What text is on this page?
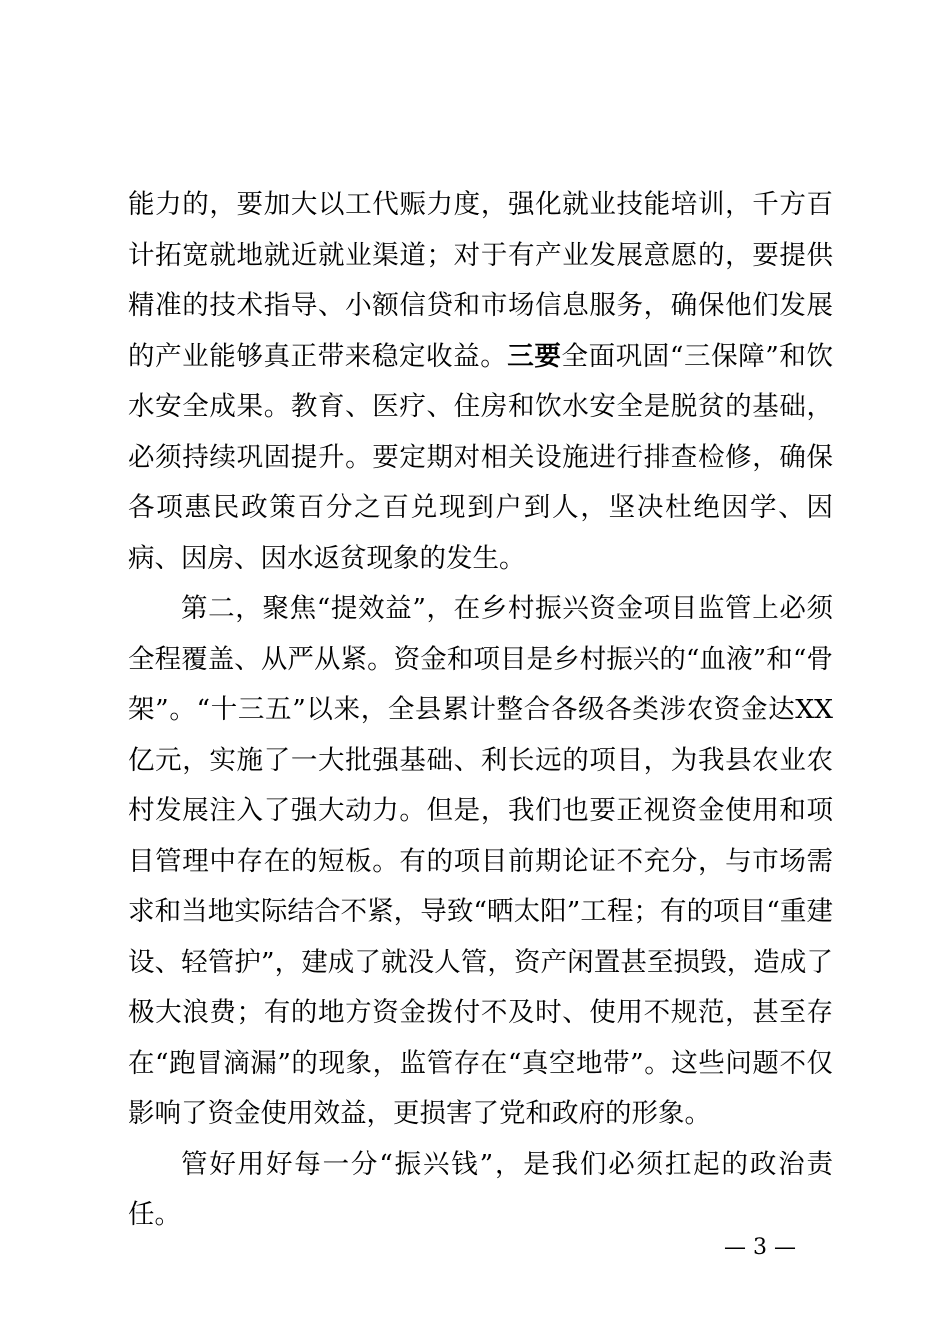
能力的，要加大以工代赈力度，强化就业技能培训，千方百计拓宽就地就近就业渠道；对于有产业发展意愿的，要提供精准的技术指导、小额信贷和市场信息服务，确保他们发展的产业能够真正带来稳定收益。三要全面巩固“三保障”和饮水安全成果。教育、医疗、住房和饮水安全是脱贫的基础，必须持续巩固提升。要定期对相关设施进行排查检修，确保各项惠民政策百分之百兑现到户到人，坚决杜绝因学、因病、因房、因水返贫现象的发生。

第二，聚焦“提效益”，在乡村振兴资金项目监管上必须全程覆盖、从严从紧。资金和项目是乡村振兴的“血液”和“骨架”。“十三五”以来，全县累计整合各级各类涉农资金达XX亿元，实施了一大批强基础、利长远的项目，为我县农业农村发展注入了强大动力。但是，我们也要正视资金使用和项目管理中存在的短板。有的项目前期论证不充分，与市场需求和当地实际结合不紧，导致“晒太阳”工程；有的项目“重建设、轻管护”，建成了就没人管，资产闲置甚至损毁，造成了极大浪费；有的地方资金拨付不及时、使用不规范，甚至存在“跑冒滴漏”的现象，监管存在“真空地带”。这些问题不仅影响了资金使用效益，更损害了党和政府的形象。

管好用好每一分“振兴钱”，是我们必须扛起的政治责任。

— 3 —
